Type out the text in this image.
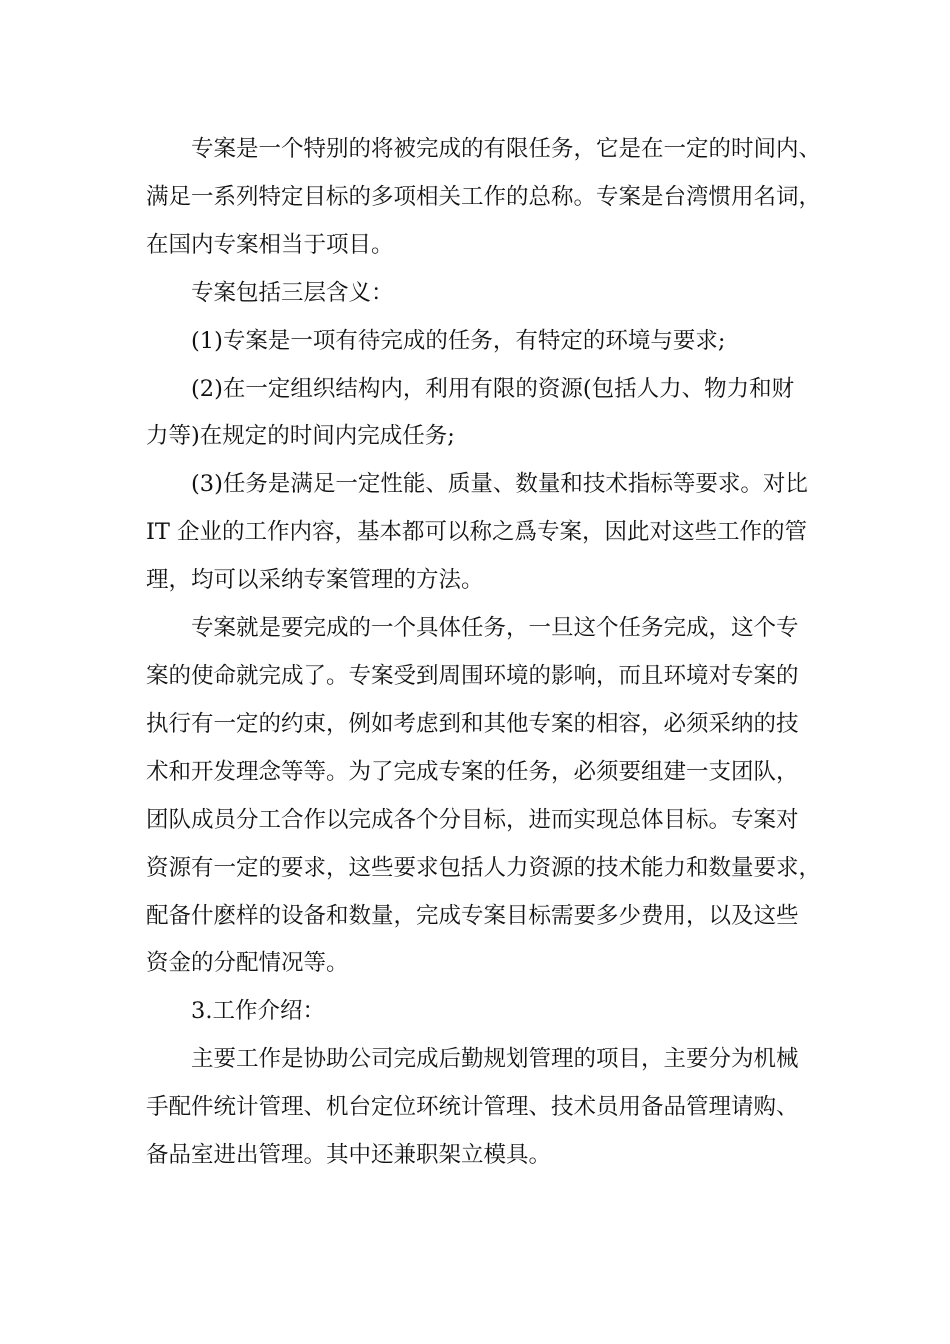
专案是一个特别的将被完成的有限任务，它是在一定的时间内、
满足一系列特定目标的多项相关工作的总称。专案是台湾惯用名词，
在国内专案相当于项目。

专案包括三层含义：

(1)专案是一项有待完成的任务，有特定的环境与要求;

(2)在一定组织结构内，利用有限的资源(包括人力、物力和财
力等)在规定的时间内完成任务;

(3)任务是满足一定性能、质量、数量和技术指标等要求。对比
IT 企业的工作内容，基本都可以称之爲专案，因此对这些工作的管
理，均可以采纳专案管理的方法。

专案就是要完成的一个具体任务，一旦这个任务完成，这个专
案的使命就完成了。专案受到周围环境的影响，而且环境对专案的
执行有一定的约束，例如考虑到和其他专案的相容，必须采纳的技
术和开发理念等等。为了完成专案的任务，必须要组建一支团队，
团队成员分工合作以完成各个分目标，进而实现总体目标。专案对
资源有一定的要求，这些要求包括人力资源的技术能力和数量要求，
配备什麽样的设备和数量，完成专案目标需要多少费用，以及这些
资金的分配情况等。

3.工作介绍：

主要工作是协助公司完成后勤规划管理的项目，主要分为机械
手配件统计管理、机台定位环统计管理、技术员用备品管理请购、
备品室进出管理。其中还兼职架立模具。
